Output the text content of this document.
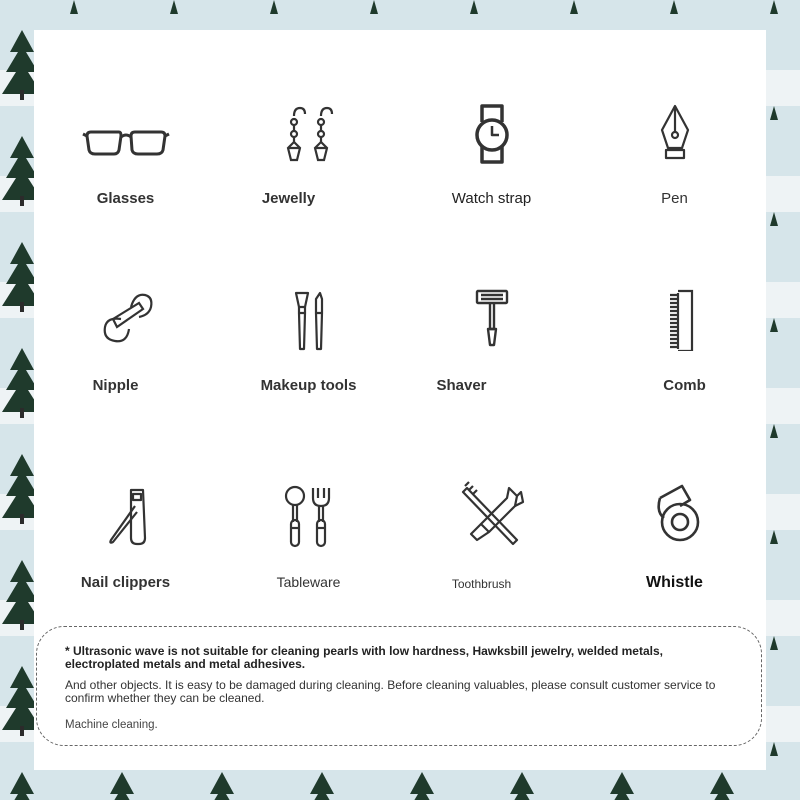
Glasses	Jewelly	Watch strap	Pen
Nipple	Makeup tools	Shaver	Comb
Nail clippers	Tableware	Toothbrush	Whistle

* Ultrasonic wave is not suitable for cleaning pearls with low hardness, Hawksbill jewelry, welded metals, electroplated metals and metal adhesives.

And other objects. It is easy to be damaged during cleaning. Before cleaning valuables, please consult customer service to confirm whether they can be cleaned.

Machine cleaning.
